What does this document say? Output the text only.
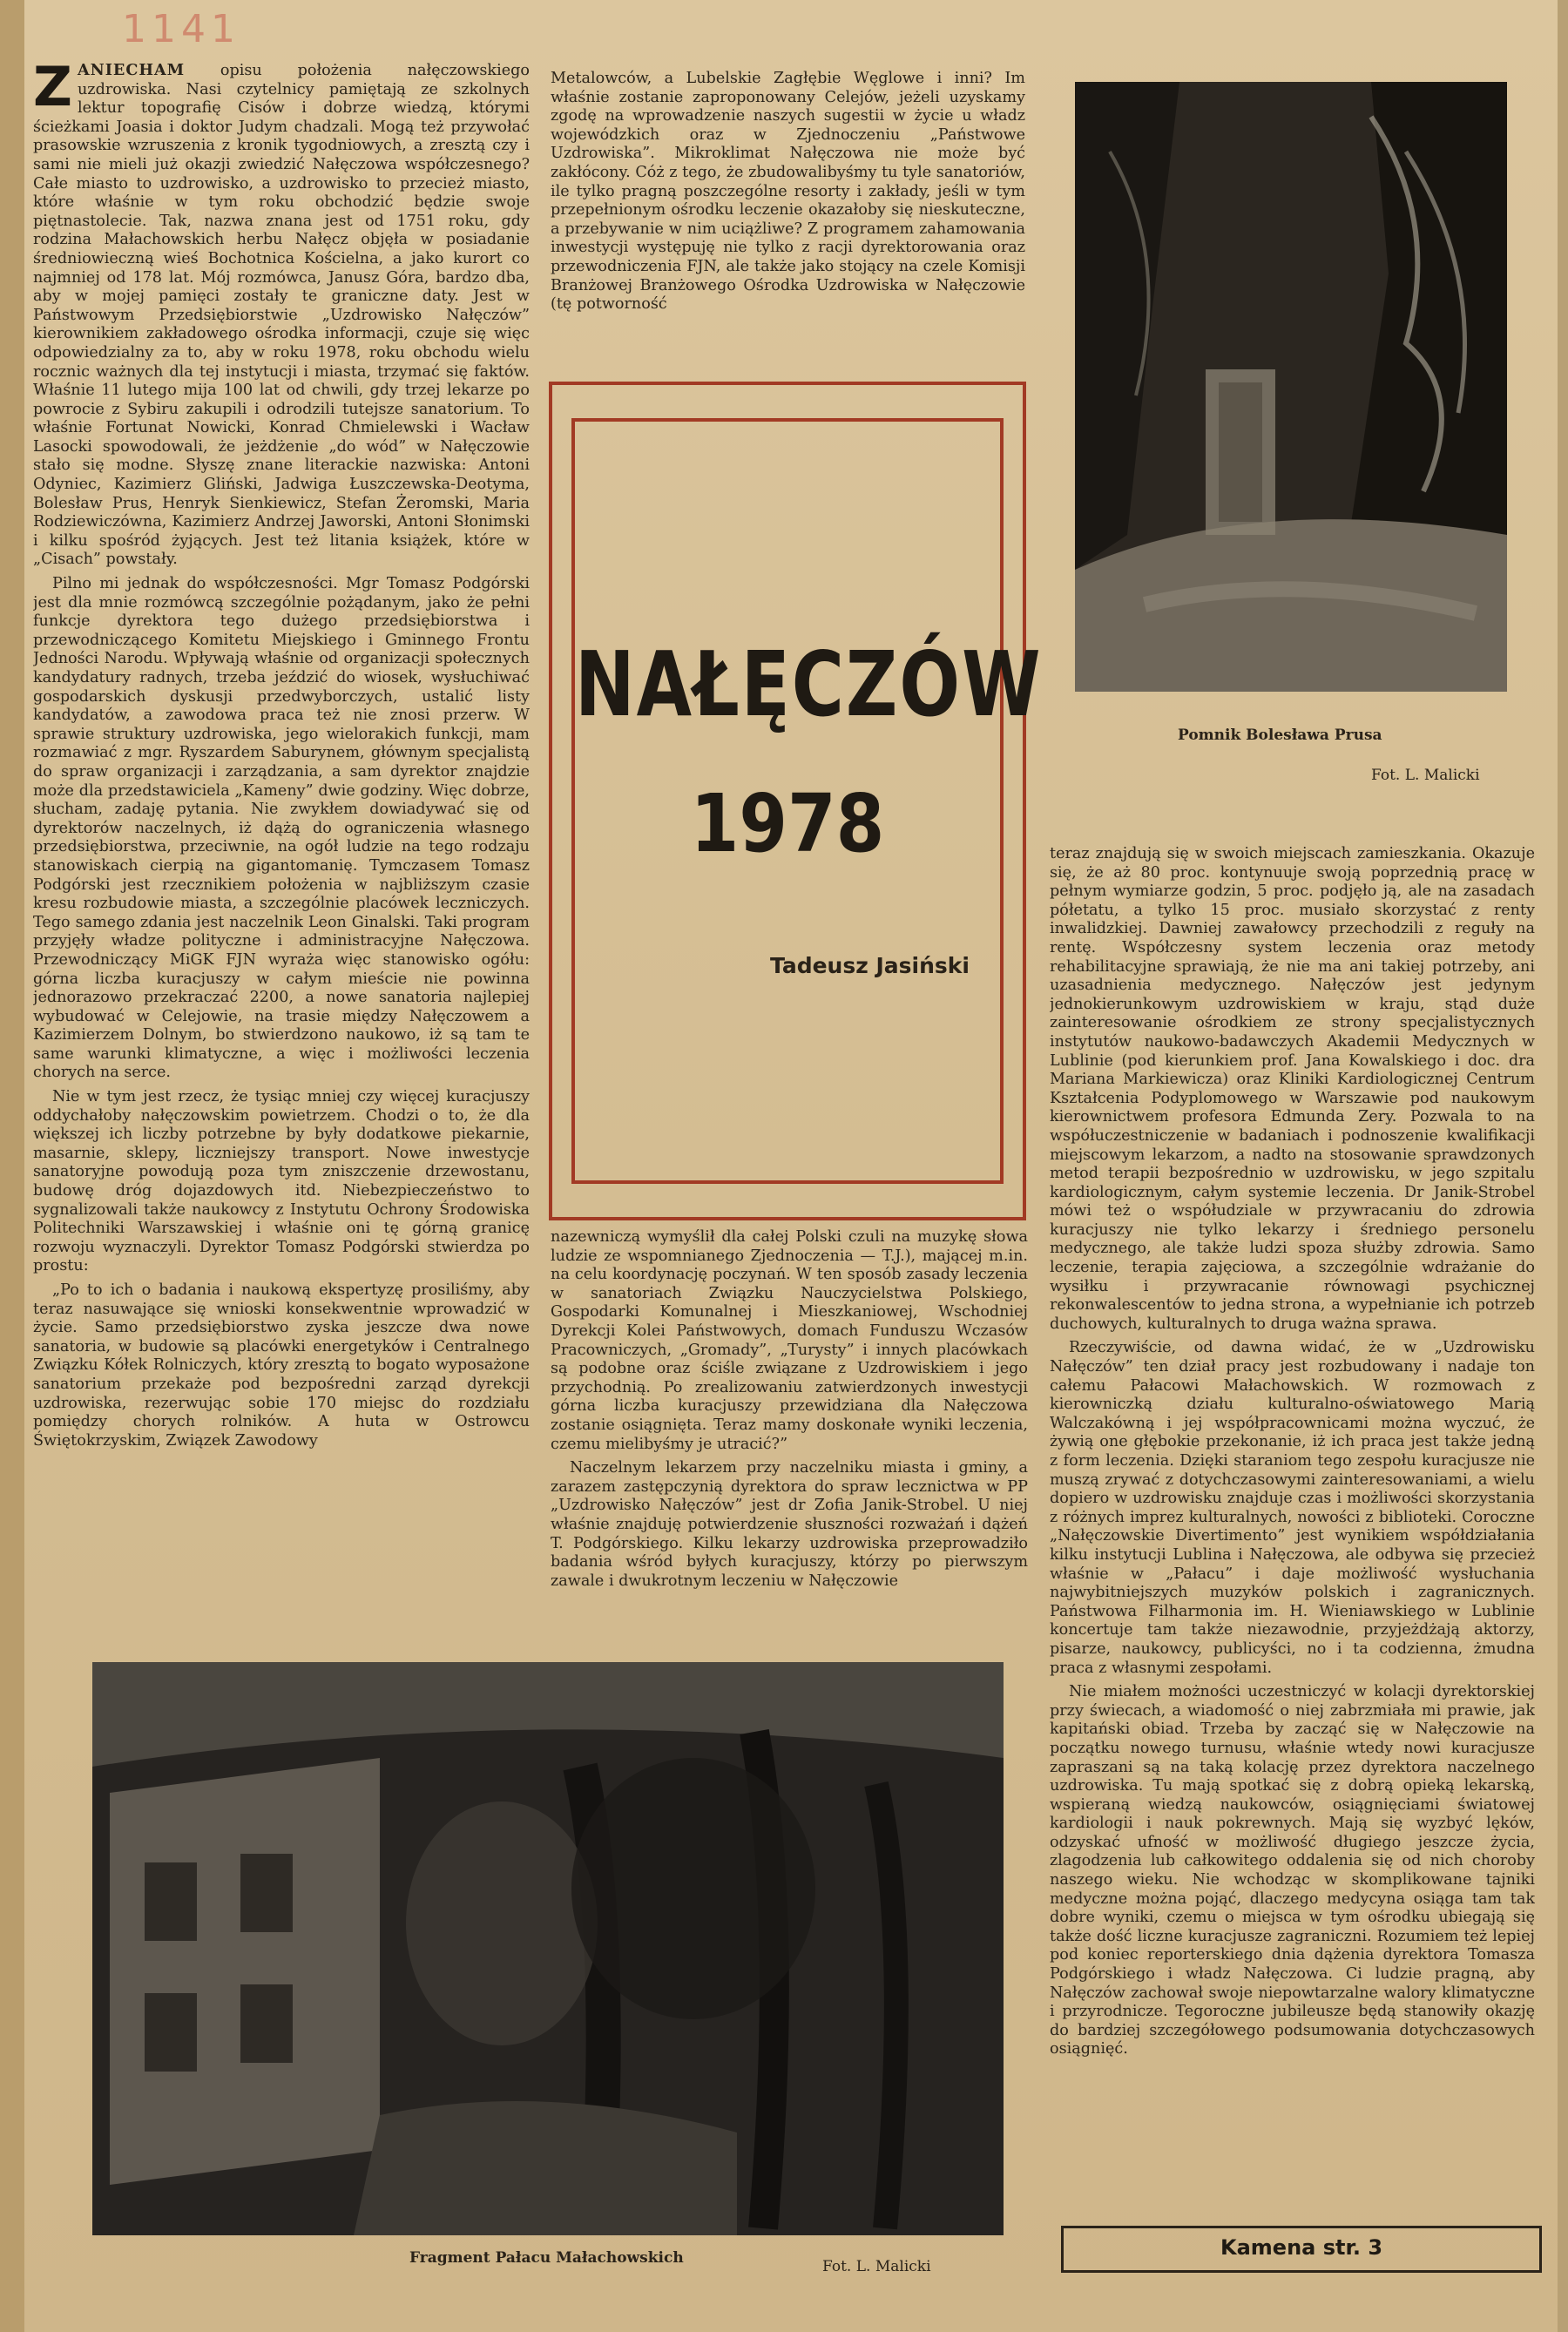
1141

ZANIECHAM opisu położenia nałęczowskiego uzdrowiska. Nasi czytelnicy pamiętają ze szkolnych lektur topografię Cisów i dobrze wiedzą, którymi ścieżkami Joasia i doktor Judym chadzali. Mogą też przywołać prasowskie wzruszenia z kronik tygodniowych, a zresztą czy i sami nie mieli już okazji zwiedzić Nałęczowa współczesnego? Całe miasto to uzdrowisko, a uzdrowisko to przecież miasto, które właśnie w tym roku obchodzić będzie swoje piętnastolecie. Tak, nazwa znana jest od 1751 roku, gdy rodzina Małachowskich herbu Nałęcz objęła w posiadanie średniowieczną wieś Bochotnica Kościelna, a jako kurort co najmniej od 178 lat. Mój rozmówca, Janusz Góra, bardzo dba, aby w mojej pamięci zostały te graniczne daty. Jest w Państwowym Przedsiębiorstwie „Uzdrowisko Nałęczów” kierownikiem zakładowego ośrodka informacji, czuje się więc odpowiedzialny za to, aby w roku 1978, roku obchodu wielu rocznic ważnych dla tej instytucji i miasta, trzymać się faktów. Właśnie 11 lutego mija 100 lat od chwili, gdy trzej lekarze po powrocie z Sybiru zakupili i odrodzili tutejsze sanatorium. To właśnie Fortunat Nowicki, Konrad Chmielewski i Wacław Lasocki spowodowali, że jeżdżenie „do wód” w Nałęczowie stało się modne. Słyszę znane literackie nazwiska: Antoni Odyniec, Kazimierz Gliński, Jadwiga Łuszczewska-Deotyma, Bolesław Prus, Henryk Sienkiewicz, Stefan Żeromski, Maria Rodziewiczówna, Kazimierz Andrzej Jaworski, Antoni Słonimski i kilku spośród żyjących. Jest też litania książek, które w „Cisach” powstały.

Pilno mi jednak do współczesności. Mgr Tomasz Podgórski jest dla mnie rozmówcą szczególnie pożądanym, jako że pełni funkcje dyrektora tego dużego przedsiębiorstwa i przewodniczącego Komitetu Miejskiego i Gminnego Frontu Jedności Narodu. Wpływają właśnie od organizacji społecznych kandydatury radnych, trzeba jeździć do wiosek, wysłuchiwać gospodarskich dyskusji przedwyborczych, ustalić listy kandydatów, a zawodowa praca też nie znosi przerw. W sprawie struktury uzdrowiska, jego wielorakich funkcji, mam rozmawiać z mgr. Ryszardem Saburynem, głównym specjalistą do spraw organizacji i zarządzania, a sam dyrektor znajdzie może dla przedstawiciela „Kameny” dwie godziny. Więc dobrze, słucham, zadaję pytania. Nie zwykłem dowiadywać się od dyrektorów naczelnych, iż dążą do ograniczenia własnego przedsiębiorstwa, przeciwnie, na ogół ludzie na tego rodzaju stanowiskach cierpią na gigantomanię. Tymczasem Tomasz Podgórski jest rzecznikiem położenia w najbliższym czasie kresu rozbudowie miasta, a szczególnie placówek leczniczych. Tego samego zdania jest naczelnik Leon Ginalski. Taki program przyjęły władze polityczne i administracyjne Nałęczowa. Przewodniczący MiGK FJN wyraża więc stanowisko ogółu: górna liczba kuracjuszy w całym mieście nie powinna jednorazowo przekraczać 2200, a nowe sanatoria najlepiej wybudować w Celejowie, na trasie między Nałęczowem a Kazimierzem Dolnym, bo stwierdzono naukowo, iż są tam te same warunki klimatyczne, a więc i możliwości leczenia chorych na serce.

Nie w tym jest rzecz, że tysiąc mniej czy więcej kuracjuszy oddychałoby nałęczowskim powietrzem. Chodzi o to, że dla większej ich liczby potrzebne by były dodatkowe piekarnie, masarnie, sklepy, liczniejszy transport. Nowe inwestycje sanatoryjne powodują poza tym zniszczenie drzewostanu, budowę dróg dojazdowych itd. Niebezpieczeństwo to sygnalizowali także naukowcy z Instytutu Ochrony Środowiska Politechniki Warszawskiej i właśnie oni tę górną granicę rozwoju wyznaczyli. Dyrektor Tomasz Podgórski stwierdza po prostu:

„Po to ich o badania i naukową ekspertyzę prosiliśmy, aby teraz nasuwające się wnioski konsekwentnie wprowadzić w życie. Samo przedsiębiorstwo zyska jeszcze dwa nowe sanatoria, w budowie są placówki energetyków i Centralnego Związku Kółek Rolniczych, który zresztą to bogato wyposażone sanatorium przekaże pod bezpośredni zarząd dyrekcji uzdrowiska, rezerwując sobie 170 miejsc do rozdziału pomiędzy chorych rolników. A huta w Ostrowcu Świętokrzyskim, Związek Zawodowy

Metalowców, a Lubelskie Zagłębie Węglowe i inni? Im właśnie zostanie zaproponowany Celejów, jeżeli uzyskamy zgodę na wprowadzenie naszych sugestii w życie u władz wojewódzkich oraz w Zjednoczeniu „Państwowe Uzdrowiska”. Mikroklimat Nałęczowa nie może być zakłócony. Cóż z tego, że zbudowalibyśmy tu tyle sanatoriów, ile tylko pragną poszczególne resorty i zakłady, jeśli w tym przepełnionym ośrodku leczenie okazałoby się nieskuteczne, a przebywanie w nim uciążliwe? Z programem zahamowania inwestycji występuję nie tylko z racji dyrektorowania oraz przewodniczenia FJN, ale także jako stojący na czele Komisji Branżowej Branżowego Ośrodka Uzdrowiska w Nałęczowie (tę potworność

NAŁĘCZÓW
1978
Tadeusz Jasiński

nazewniczą wymyślił dla całej Polski czuli na muzykę słowa ludzie ze wspomnianego Zjednoczenia — T.J.), mającej m.in. na celu koordynację poczynań. W ten sposób zasady leczenia w sanatoriach Związku Nauczycielstwa Polskiego, Gospodarki Komunalnej i Mieszkaniowej, Wschodniej Dyrekcji Kolei Państwowych, domach Funduszu Wczasów Pracowniczych, „Gromady”, „Turysty” i innych placówkach są podobne oraz ściśle związane z Uzdrowiskiem i jego przychodnią. Po zrealizowaniu zatwierdzonych inwestycji górna liczba kuracjuszy przewidziana dla Nałęczowa zostanie osiągnięta. Teraz mamy doskonałe wyniki leczenia, czemu mielibyśmy je utracić?”

Naczelnym lekarzem przy naczelniku miasta i gminy, a zarazem zastępczynią dyrektora do spraw lecznictwa w PP „Uzdrowisko Nałęczów” jest dr Zofia Janik-Strobel. U niej właśnie znajduję potwierdzenie słuszności rozważań i dążeń T. Podgórskiego. Kilku lekarzy uzdrowiska przeprowadziło badania wśród byłych kuracjuszy, którzy po pierwszym zawale i dwukrotnym leczeniu w Nałęczowie

Pomnik Bolesława Prusa
Fot. L. Malicki

teraz znajdują się w swoich miejscach zamieszkania. Okazuje się, że aż 80 proc. kontynuuje swoją poprzednią pracę w pełnym wymiarze godzin, 5 proc. podjęło ją, ale na zasadach półetatu, a tylko 15 proc. musiało skorzystać z renty inwalidzkiej. Dawniej zawałowcy przechodzili z reguły na rentę. Współczesny system leczenia oraz metody rehabilitacyjne sprawiają, że nie ma ani takiej potrzeby, ani uzasadnienia medycznego. Nałęczów jest jedynym jednokierunkowym uzdrowiskiem w kraju, stąd duże zainteresowanie ośrodkiem ze strony specjalistycznych instytutów naukowo-badawczych Akademii Medycznych w Lublinie (pod kierunkiem prof. Jana Kowalskiego i doc. dra Mariana Markiewicza) oraz Kliniki Kardiologicznej Centrum Kształcenia Podyplomowego w Warszawie pod naukowym kierownictwem profesora Edmunda Zery. Pozwala to na współuczestniczenie w badaniach i podnoszenie kwalifikacji miejscowym lekarzom, a nadto na stosowanie sprawdzonych metod terapii bezpośrednio w uzdrowisku, w jego szpitalu kardiologicznym, całym systemie leczenia. Dr Janik-Strobel mówi też o współudziale w przywracaniu do zdrowia kuracjuszy nie tylko lekarzy i średniego personelu medycznego, ale także ludzi spoza służby zdrowia. Samo leczenie, terapia zajęciowa, a szczególnie wdrażanie do wysiłku i przywracanie równowagi psychicznej rekonwalescentów to jedna strona, a wypełnianie ich potrzeb duchowych, kulturalnych to druga ważna sprawa.

Rzeczywiście, od dawna widać, że w „Uzdrowisku Nałęczów” ten dział pracy jest rozbudowany i nadaje ton całemu Pałacowi Małachowskich. W rozmowach z kierowniczką działu kulturalno-oświatowego Marią Walczakówną i jej współpracownicami można wyczuć, że żywią one głębokie przekonanie, iż ich praca jest także jedną z form leczenia. Dzięki staraniom tego zespołu kuracjusze nie muszą zrywać z dotychczasowymi zainteresowaniami, a wielu dopiero w uzdrowisku znajduje czas i możliwości skorzystania z różnych imprez kulturalnych, nowości z biblioteki. Coroczne „Nałęczowskie Divertimento” jest wynikiem współdziałania kilku instytucji Lublina i Nałęczowa, ale odbywa się przecież właśnie w „Pałacu” i daje możliwość wysłuchania najwybitniejszych muzyków polskich i zagranicznych. Państwowa Filharmonia im. H. Wieniawskiego w Lublinie koncertuje tam także niezawodnie, przyjeżdżają aktorzy, pisarze, naukowcy, publicyści, no i ta codzienna, żmudna praca z własnymi zespołami.

Nie miałem możności uczestniczyć w kolacji dyrektorskiej przy świecach, a wiadomość o niej zabrzmiała mi prawie, jak kapitański obiad. Trzeba by zacząć się w Nałęczowie na początku nowego turnusu, właśnie wtedy nowi kuracjusze zapraszani są na taką kolację przez dyrektora naczelnego uzdrowiska. Tu mają spotkać się z dobrą opieką lekarską, wspieraną wiedzą naukowców, osiągnięciami światowej kardiologii i nauk pokrewnych. Mają się wyzbyć lęków, odzyskać ufność w możliwość długiego jeszcze życia, zlagodzenia lub całkowitego oddalenia się od nich choroby naszego wieku. Nie wchodząc w skomplikowane tajniki medyczne można pojąć, dlaczego medycyna osiąga tam tak dobre wyniki, czemu o miejsca w tym ośrodku ubiegają się także dość liczne kuracjusze zagraniczni. Rozumiem też lepiej pod koniec reporterskiego dnia dążenia dyrektora Tomasza Podgórskiego i władz Nałęczowa. Ci ludzie pragną, aby Nałęczów zachował swoje niepowtarzalne walory klimatyczne i przyrodnicze. Tegoroczne jubileusze będą stanowiły okazję do bardziej szczegółowego podsumowania dotychczasowych osiągnięć.

Fragment Pałacu Małachowskich	Fot. L. Malicki
Kamena str. 3
